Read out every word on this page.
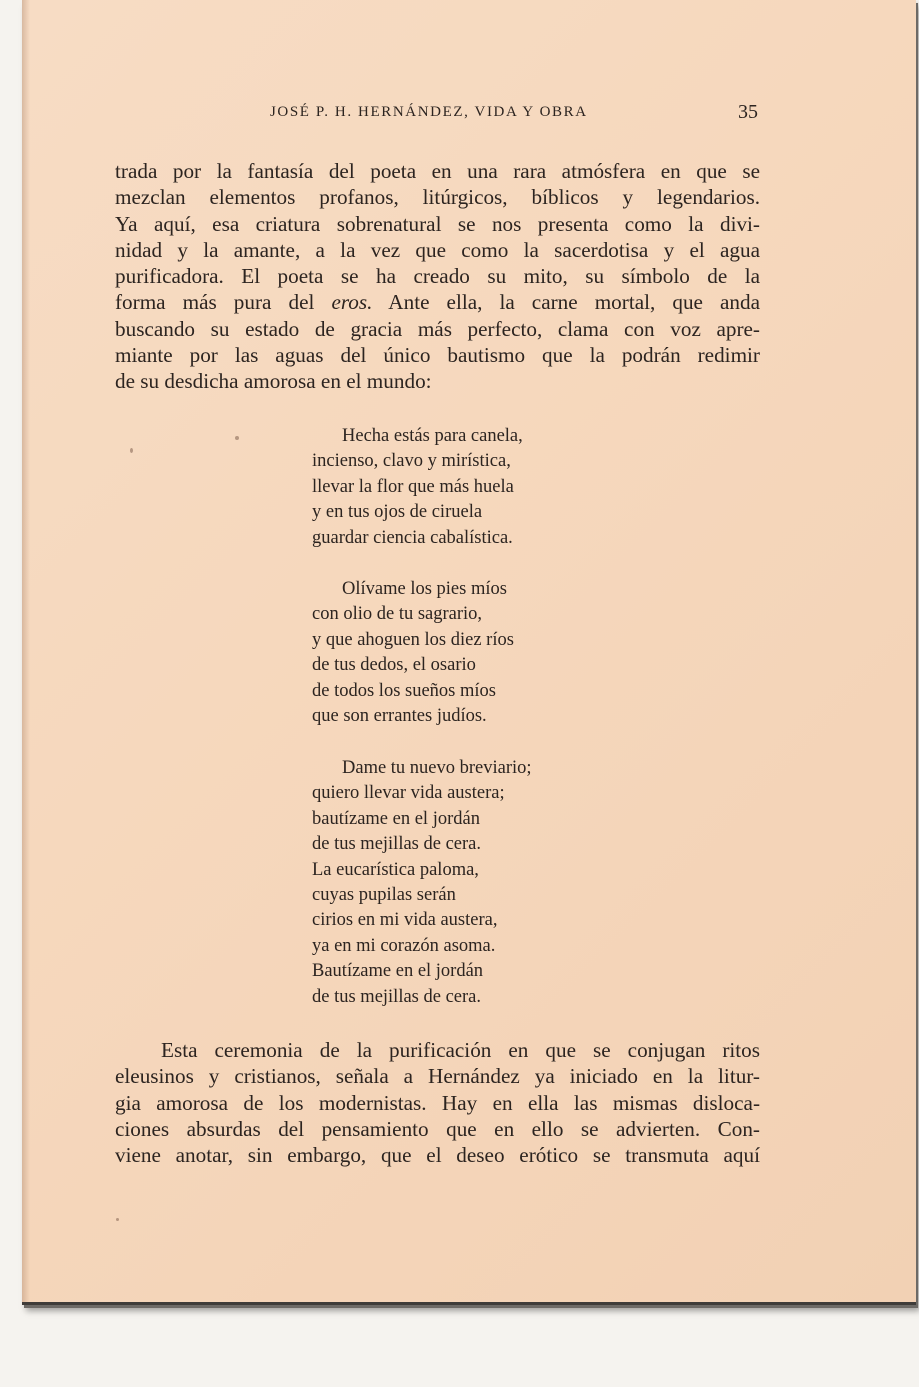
JOSÉ P. H. HERNÁNDEZ, VIDA Y OBRA	35
trada por la fantasía del poeta en una rara atmósfera en que se
mezclan elementos profanos, litúrgicos, bíblicos y legendarios.
Ya aquí, esa criatura sobrenatural se nos presenta como la divi-
nidad y la amante, a la vez que como la sacerdotisa y el agua
purificadora. El poeta se ha creado su mito, su símbolo de la
forma más pura del eros. Ante ella, la carne mortal, que anda
buscando su estado de gracia más perfecto, clama con voz apre-
miante por las aguas del único bautismo que la podrán redimir
de su desdicha amorosa en el mundo:
Hecha estás para canela,
incienso, clavo y mirística,
llevar la flor que más huela
y en tus ojos de ciruela
guardar ciencia cabalística.
Olívame los pies míos
con olio de tu sagrario,
y que ahoguen los diez ríos
de tus dedos, el osario
de todos los sueños míos
que son errantes judíos.
Dame tu nuevo breviario;
quiero llevar vida austera;
bautízame en el jordán
de tus mejillas de cera.
La eucarística paloma,
cuyas pupilas serán
cirios en mi vida austera,
ya en mi corazón asoma.
Bautízame en el jordán
de tus mejillas de cera.
Esta ceremonia de la purificación en que se conjugan ritos
eleusinos y cristianos, señala a Hernández ya iniciado en la litur-
gia amorosa de los modernistas. Hay en ella las mismas disloca-
ciones absurdas del pensamiento que en ello se advierten. Con-
viene anotar, sin embargo, que el deseo erótico se transmuta aquí
